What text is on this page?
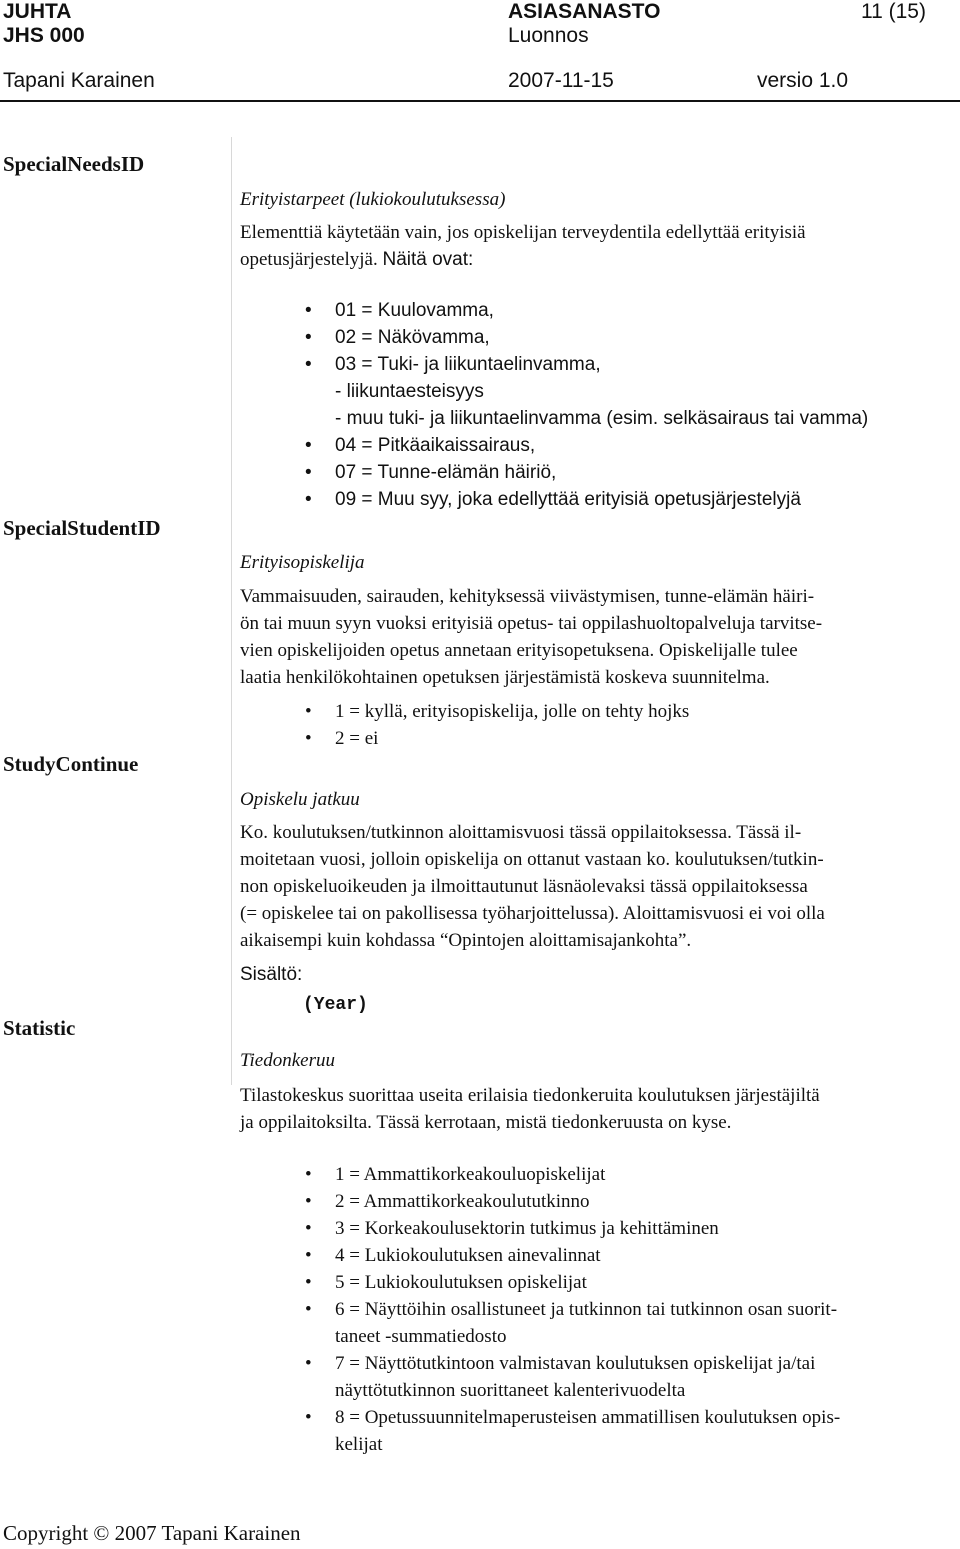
JUHTA
JHS 000
ASIASANASTO
Luonnos
11 (15)
Tapani Karainen	2007-11-15	versio 1.0
SpecialNeedsID
SpecialStudentID
StudyContinue
Statistic
Erityistarpeet (lukiokoulutuksessa)
Elementtiä käytetään vain, jos opiskelijan terveydentila edellyttää erityisiä
opetusjärjestelyjä. Näitä ovat:
• 01 = Kuulovamma,
• 02 = Näkövamma,
• 03 = Tuki- ja liikuntaelinvamma,
- liikuntaesteisyys
- muu tuki- ja liikuntaelinvamma (esim. selkäsairaus tai vamma)
• 04 = Pitkäaikaissairaus,
• 07 = Tunne-elämän häiriö,
• 09 = Muu syy, joka edellyttää erityisiä opetusjärjestelyjä
Erityisopiskelija
Vammaisuuden, sairauden, kehityksessä viivästymisen, tunne-elämän häiri-
ön tai muun syyn vuoksi erityisiä opetus- tai oppilashuoltopalveluja tarvitse-
vien opiskelijoiden opetus annetaan erityisopetuksena. Opiskelijalle tulee
laatia henkilökohtainen opetuksen järjestämistä koskeva suunnitelma.
• 1 = kyllä, erityisopiskelija, jolle on tehty hojks
• 2 = ei
Opiskelu jatkuu
Ko. koulutuksen/tutkinnon aloittamisvuosi tässä oppilaitoksessa. Tässä il-
moitetaan vuosi, jolloin opiskelija on ottanut vastaan ko. koulutuksen/tutkin-
non opiskeluoikeuden ja ilmoittautunut läsnäolevaksi tässä oppilaitoksessa
(= opiskelee tai on pakollisessa työharjoittelussa). Aloittamisvuosi ei voi olla
aikaisempi kuin kohdassa “Opintojen aloittamisajankohta”.
Sisältö:
(Year)
Tiedonkeruu
Tilastokeskus suorittaa useita erilaisia tiedonkeruita koulutuksen järjestäjiltä
ja oppilaitoksilta. Tässä kerrotaan, mistä tiedonkeruusta on kyse.
• 1 = Ammattikorkeakouluopiskelijat
• 2 = Ammattikorkeakoulututkinno
• 3 = Korkeakoulusektorin tutkimus ja kehittäminen
• 4 = Lukiokoulutuksen ainevalinnat
• 5 = Lukiokoulutuksen opiskelijat
• 6 = Näyttöihin osallistuneet ja tutkinnon tai tutkinnon osan suorit-
taneet -summatiedosto
• 7 = Näyttötutkintoon valmistavan koulutuksen opiskelijat ja/tai
näyttötutkinnon suorittaneet kalenterivuodelta
• 8 = Opetussuunnitelmaperusteisen ammatillisen koulutuksen opis-
kelijat
Copyright © 2007 Tapani Karainen
